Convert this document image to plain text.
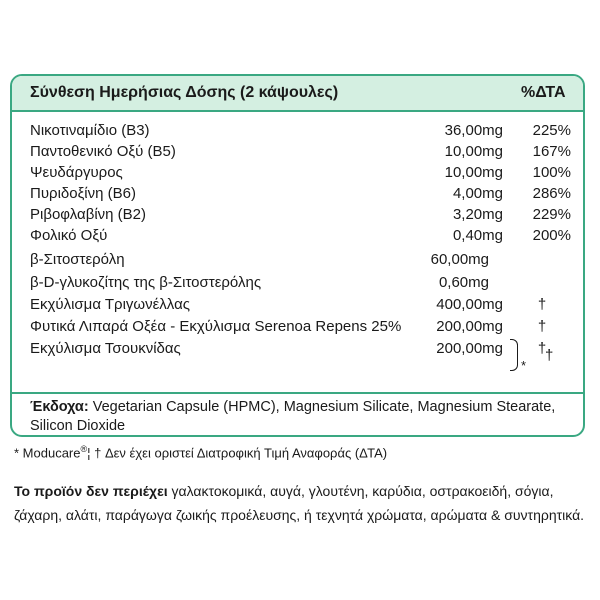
Σύνθεση Ημερήσιας Δόσης (2 κάψουλες)	%ΔΤΑ
Νικοτιναμίδιο (Β3)	36,00mg	225%
Παντοθενικό Οξύ (Β5)	10,00mg	167%
Ψευδάργυρος	10,00mg	100%
Πυριδοξίνη (Β6)	4,00mg	286%
Ριβοφλαβίνη (Β2)	3,20mg	229%
Φολικό Οξύ	0,40mg	200%
β-Σιτοστερόλη	60,00mg
β-D-γλυκοζίτης της β-Σιτοστερόλης	0,60mg
Εκχύλισμα Τριγωνέλλας	400,00mg	†
Φυτικά Λιπαρά Οξέα - Εκχύλισμα Serenoa Repens 25% 200,00mg	†
Εκχύλισμα Τσουκνίδας	200,00mg	†
*
†
Έκδοχα: Vegetarian Capsule (HPMC), Magnesium Silicate, Magnesium Stearate, Silicon Dioxide
* Moducare®¦ † Δεν έχει οριστεί Διατροφική Τιμή Αναφοράς (ΔΤΑ)
Το προϊόν δεν περιέχει γαλακτοκομικά, αυγά, γλουτένη, καρύδια, οστρακοειδή, σόγια, ζάχαρη, αλάτι, παράγωγα ζωικής προέλευσης, ή τεχνητά χρώματα, αρώματα & συντηρητικά.
